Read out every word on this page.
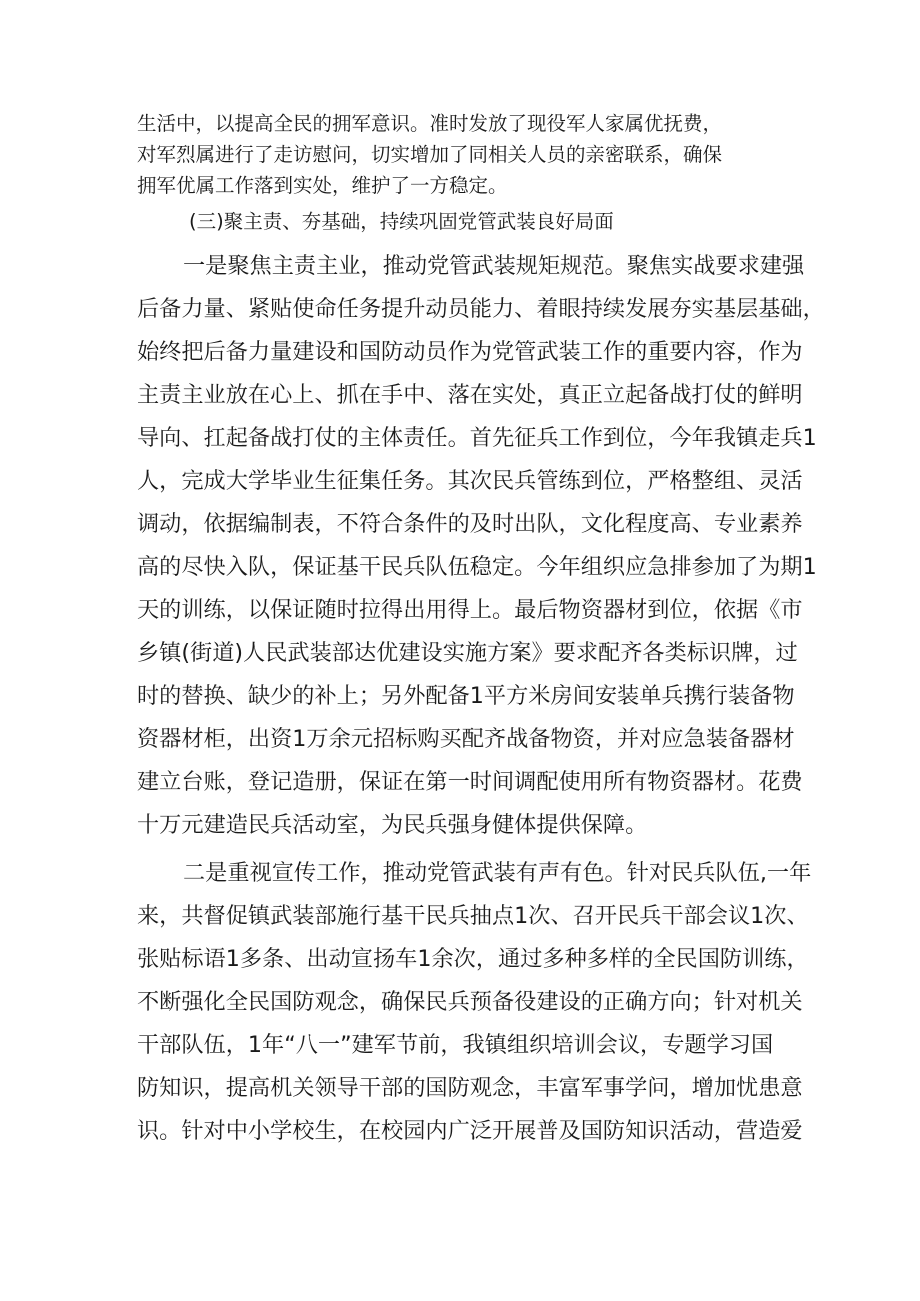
生活中，以提高全民的拥军意识。准时发放了现役军人家属优抚费，
对军烈属进行了走访慰问，切实增加了同相关人员的亲密联系，确保
拥军优属工作落到实处，维护了一方稳定。
(三)聚主责、夯基础，持续巩固党管武装良好局面
一是聚焦主责主业，推动党管武装规矩规范。聚焦实战要求建强
后备力量、紧贴使命任务提升动员能力、着眼持续发展夯实基层基础，
始终把后备力量建设和国防动员作为党管武装工作的重要内容，作为
主责主业放在心上、抓在手中、落在实处，真正立起备战打仗的鲜明
导向、扛起备战打仗的主体责任。首先征兵工作到位，今年我镇走兵1
人，完成大学毕业生征集任务。其次民兵管练到位，严格整组、灵活
调动，依据编制表，不符合条件的及时出队，文化程度高、专业素养
高的尽快入队，保证基干民兵队伍稳定。今年组织应急排参加了为期1
天的训练，以保证随时拉得出用得上。最后物资器材到位，依据《市
乡镇(街道)人民武装部达优建设实施方案》要求配齐各类标识牌，过
时的替换、缺少的补上；另外配备1平方米房间安装单兵携行装备物
资器材柜，出资1万余元招标购买配齐战备物资，并对应急装备器材
建立台账，登记造册，保证在第一时间调配使用所有物资器材。花费
十万元建造民兵活动室，为民兵强身健体提供保障。
二是重视宣传工作，推动党管武装有声有色。针对民兵队伍,一年
来，共督促镇武装部施行基干民兵抽点1次、召开民兵干部会议1次、
张贴标语1多条、出动宣扬车1余次，通过多种多样的全民国防训练，
不断强化全民国防观念，确保民兵预备役建设的正确方向；针对机关
干部队伍，1年“八一”建军节前，我镇组织培训会议，专题学习国
防知识，提高机关领导干部的国防观念，丰富军事学问，增加忧患意
识。针对中小学校生，在校园内广泛开展普及国防知识活动，营造爱
